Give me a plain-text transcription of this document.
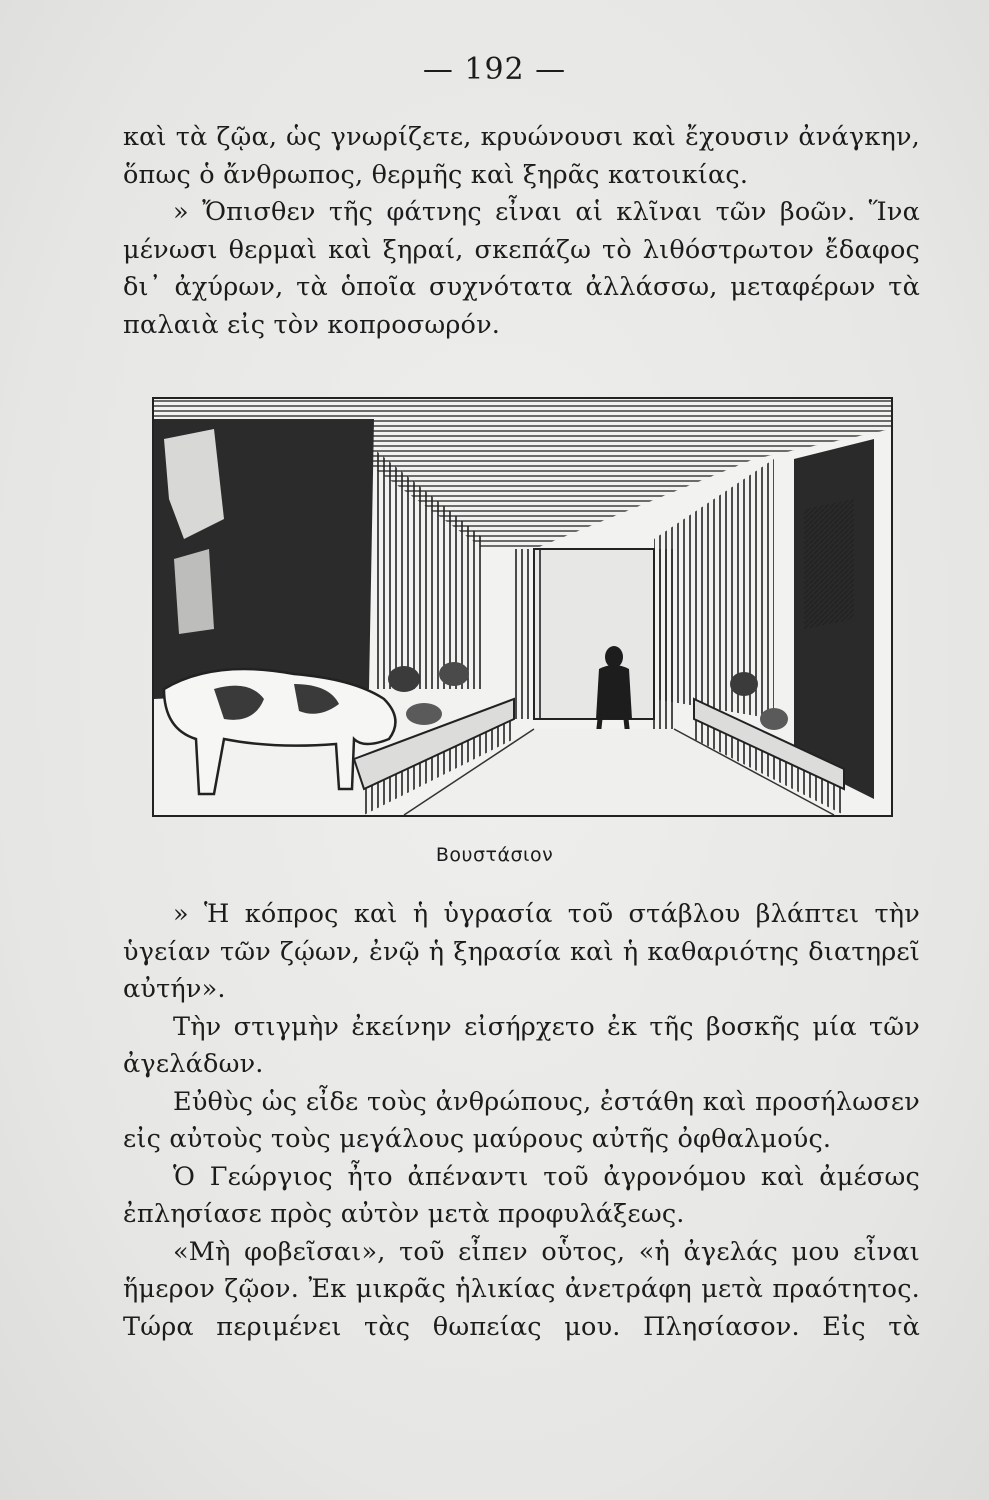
— 192 —

καὶ τὰ ζῷα, ὡς γνωρίζετε, κρυώνουσι καὶ ἔχουσιν ἀνάγκην, ὅπως ὁ ἄνθρωπος, θερμῆς καὶ ξηρᾶς κατοικίας.

» Ὄπισθεν τῆς φάτνης εἶναι αἱ κλῖναι τῶν βοῶν. Ἵνα μένωσι θερμαὶ καὶ ξηραί, σκεπάζω τὸ λιθόστρωτον ἔδαφος δι᾽ ἀχύρων, τὰ ὁποῖα συχνότατα ἀλλάσσω, μεταφέρων τὰ παλαιὰ εἰς τὸν κοπροσωρόν.

Βουστάσιον

» Ἡ κόπρος καὶ ἡ ὑγρασία τοῦ στάβλου βλάπτει τὴν ὑγείαν τῶν ζῴων, ἐνῷ ἡ ξηρασία καὶ ἡ καθαριότης διατηρεῖ αὐτήν».

Τὴν στιγμὴν ἐκείνην εἰσήρχετο ἐκ τῆς βοσκῆς μία τῶν ἀγελάδων.

Εὐθὺς ὡς εἶδε τοὺς ἀνθρώπους, ἐστάθη καὶ προσήλωσεν εἰς αὐτοὺς τοὺς μεγάλους μαύρους αὐτῆς ὀφθαλμούς.

Ὁ Γεώργιος ἦτο ἀπέναντι τοῦ ἀγρονόμου καὶ ἀμέσως ἐπλησίασε πρὸς αὐτὸν μετὰ προφυλάξεως.

«Μὴ φοβεῖσαι», τοῦ εἶπεν οὗτος, «ἡ ἀγελάς μου εἶναι ἥμερον ζῷον. Ἐκ μικρᾶς ἡλικίας ἀνετράφη μετὰ πραότητος. Τώρα περιμένει τὰς θωπείας μου. Πλησίασον. Εἰς τὰ
